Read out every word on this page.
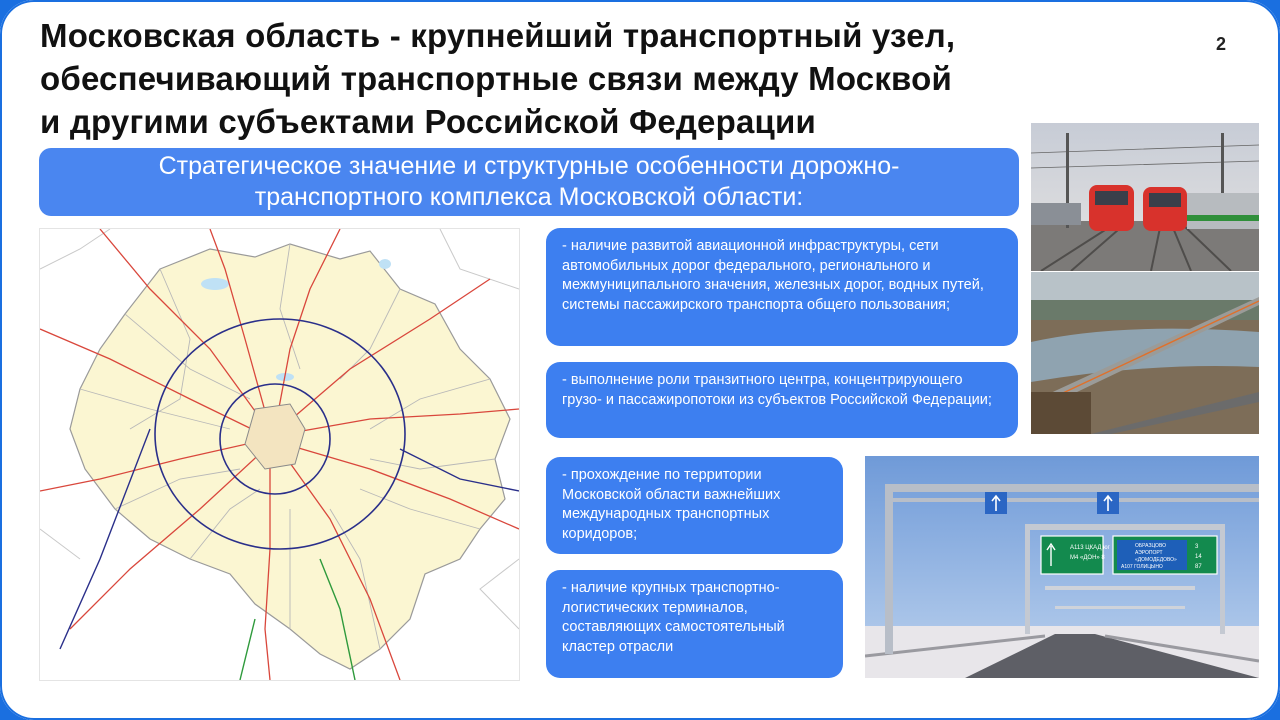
Московская область - крупнейший транспортный узел,
обеспечивающий транспортные связи между Москвой
и другими субъектами Российской Федерации
2
Стратегическое значение и структурные особенности дорожно-
транспортного комплекса Московской области:
- наличие развитой авиационной инфраструктуры, сети автомобильных дорог федерального, регионального и межмуниципального значения, железных дорог, водных путей, системы пассажирского транспорта общего пользования;
- выполнение роли транзитного центра, концентрирующего грузо- и пассажиропотоки из субъектов Российской Федерации;
- прохождение по территории Московской области важнейших международных транспортных коридоров;
- наличие крупных транспортно-логистических терминалов, составляющих самостоятельный кластер отрасли
А113 ЦКАД юг
М4 «ДОН» 8
ОБРАЗЦОВО
АЭРОПОРТ
«ДОМОДЕДОВО»
А107 ГОЛИЦЫНО
3
14
87
